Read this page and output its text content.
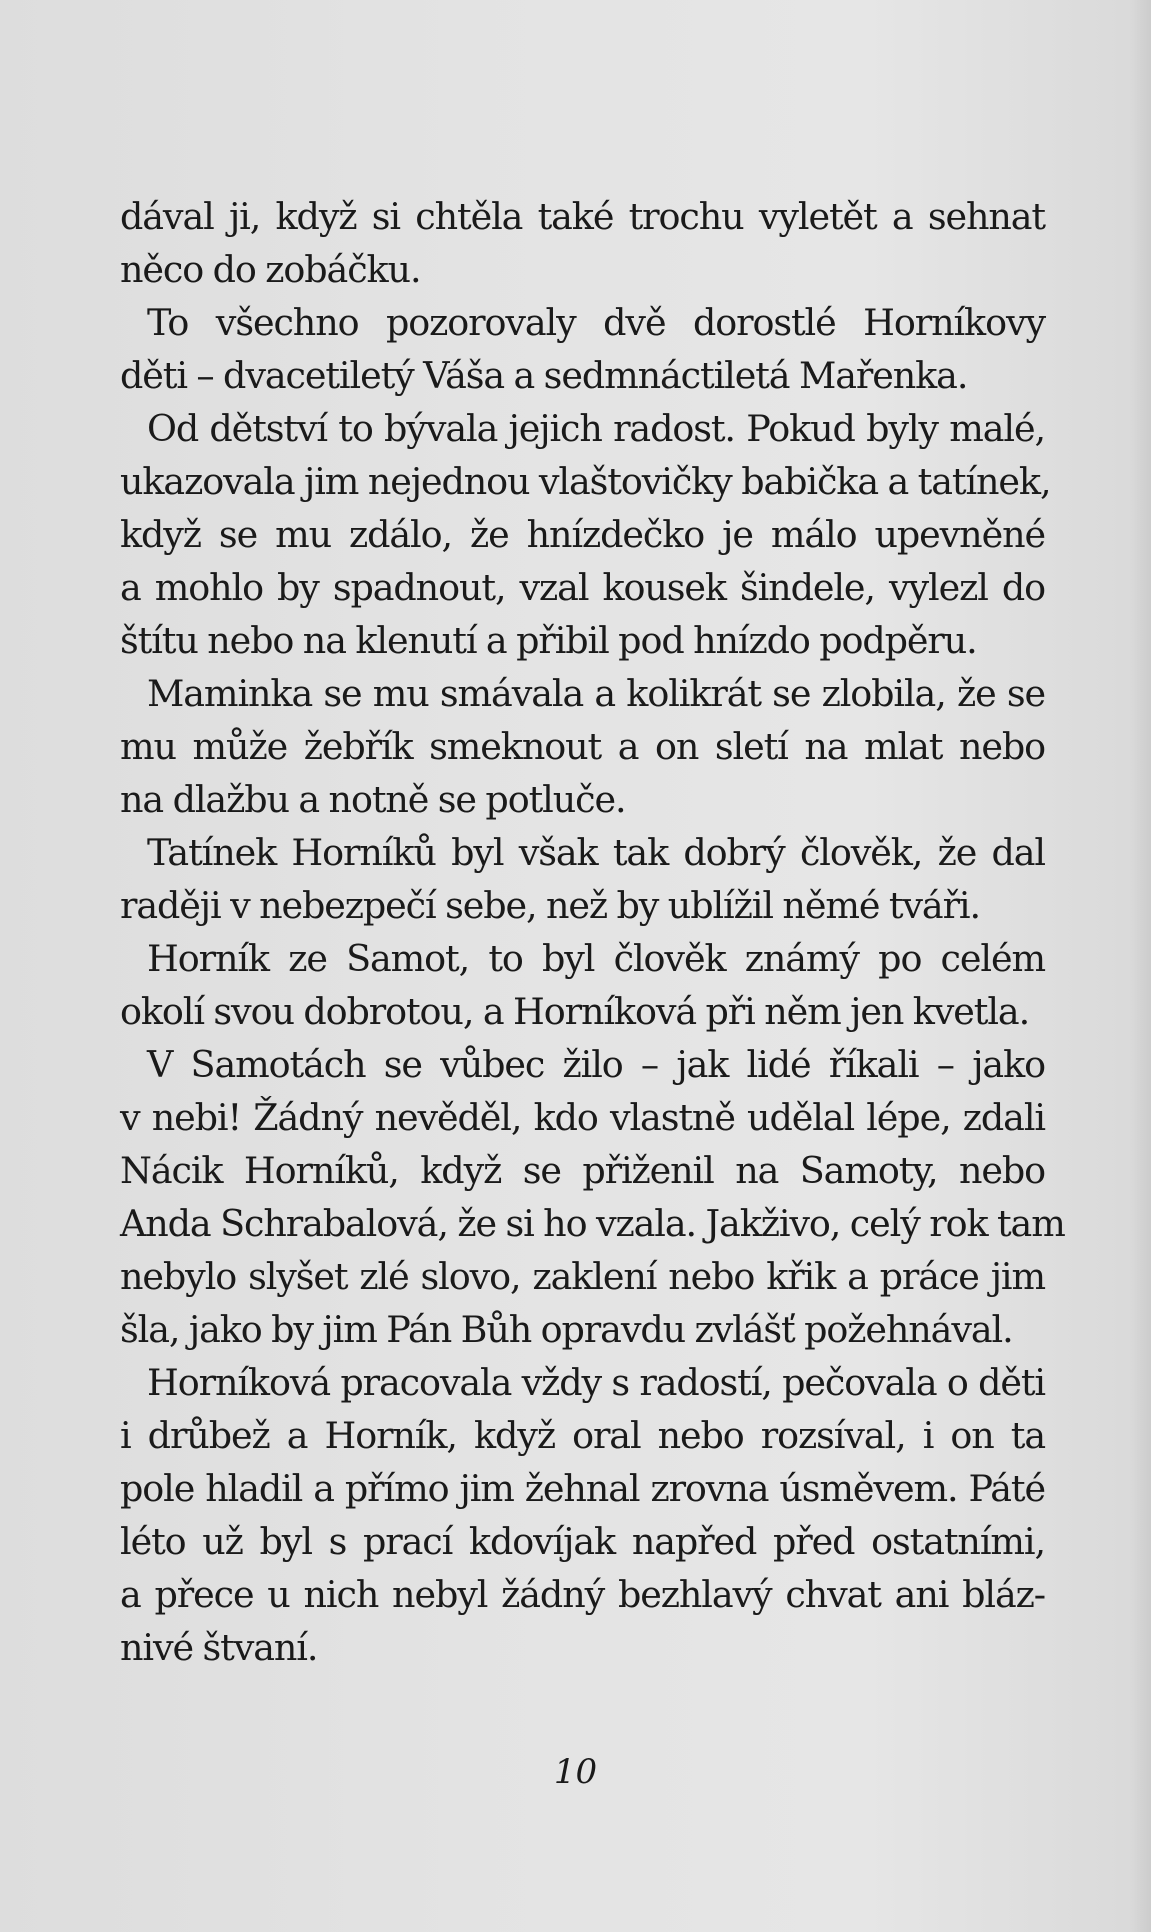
dával ji, když si chtěla také trochu vyletět a sehnat
něco do zobáčku.
To všechno pozorovaly dvě dorostlé Horníkovy
děti – dvacetiletý Váša a sedmnáctiletá Mařenka.
Od dětství to bývala jejich radost. Pokud byly malé,
ukazovala jim nejednou vlaštovičky babička a tatínek,
když se mu zdálo, že hnízdečko je málo upevněné
a mohlo by spadnout, vzal kousek šindele, vylezl do
štítu nebo na klenutí a přibil pod hnízdo podpěru.
Maminka se mu smávala a kolikrát se zlobila, že se
mu může žebřík smeknout a on sletí na mlat nebo
na dlažbu a notně se potluče.
Tatínek Horníků byl však tak dobrý člověk, že dal
raději v nebezpečí sebe, než by ublížil němé tváři.
Horník ze Samot, to byl člověk známý po celém
okolí svou dobrotou, a Horníková při něm jen kvetla.
V Samotách se vůbec žilo – jak lidé říkali – jako
v nebi! Žádný nevěděl, kdo vlastně udělal lépe, zdali
Nácik Horníků, když se přiženil na Samoty, nebo
Anda Schrabalová, že si ho vzala. Jakživo, celý rok tam
nebylo slyšet zlé slovo, zaklení nebo křik a práce jim
šla, jako by jim Pán Bůh opravdu zvlášť požehnával.
Horníková pracovala vždy s radostí, pečovala o děti
i drůbež a Horník, když oral nebo rozsíval, i on ta
pole hladil a přímo jim žehnal zrovna úsměvem. Páté
léto už byl s prací kdovíjak napřed před ostatními,
a přece u nich nebyl žádný bezhlavý chvat ani bláz-
nivé štvaní.
10
